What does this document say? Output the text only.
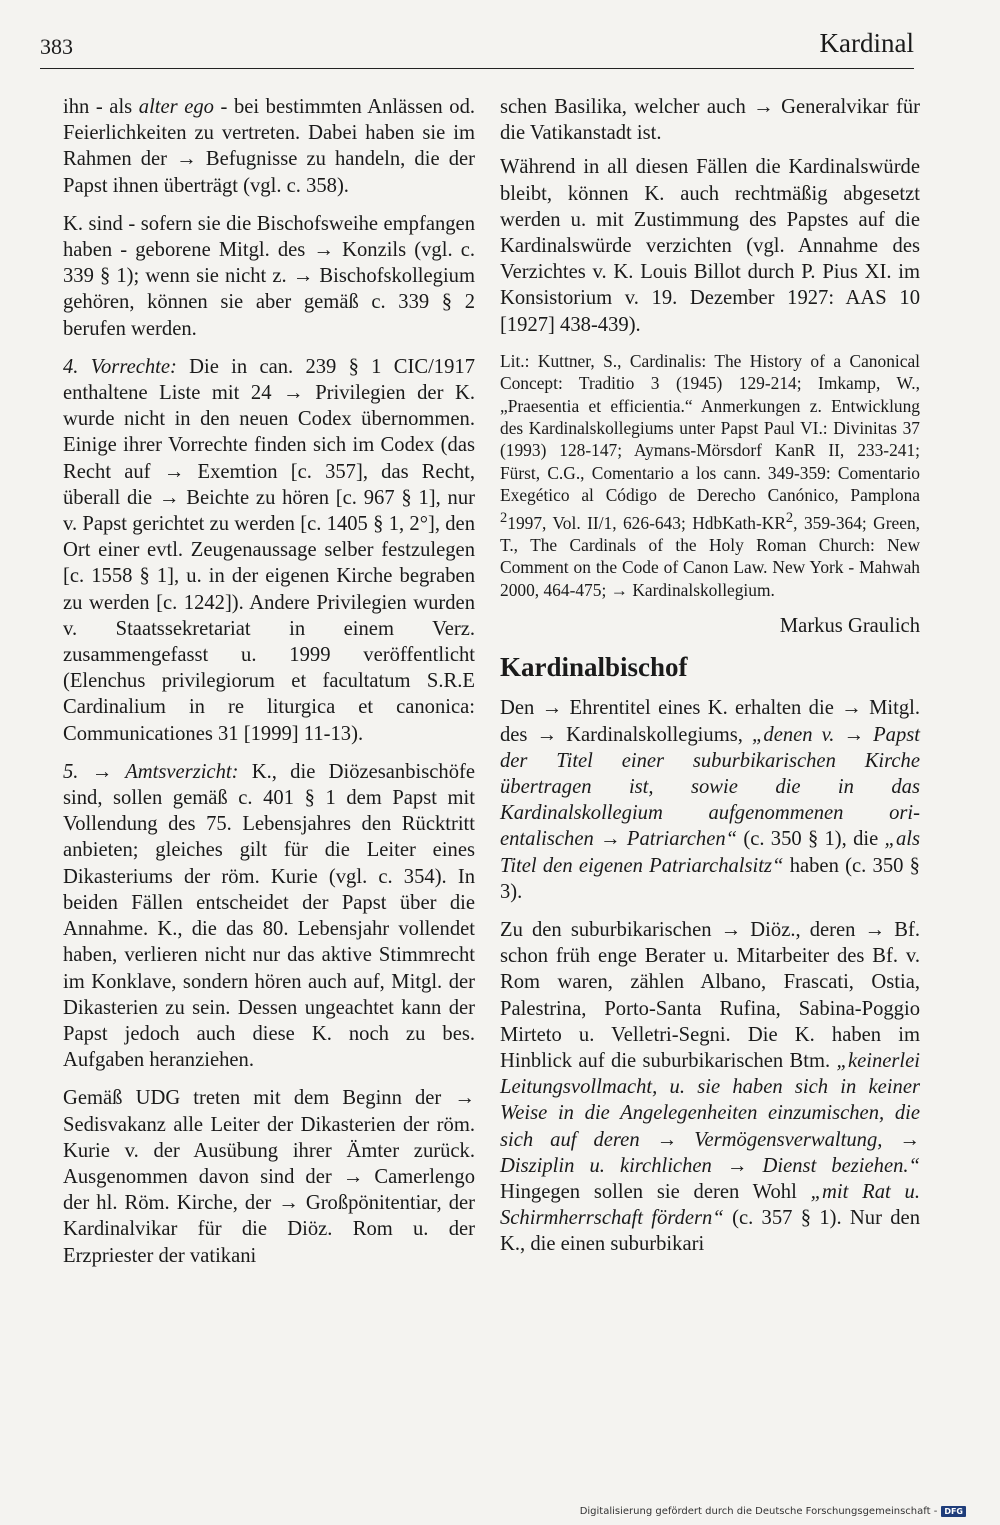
383	Kardinal

ihn - als alter ego - bei bestimmten Anlässen od. Feierlichkeiten zu vertreten. Dabei haben sie im Rahmen der → Befugnisse zu handeln, die der Papst ihnen überträgt (vgl. c. 358).

K. sind - sofern sie die Bischofsweihe empfangen haben - geborene Mitgl. des → Konzils (vgl. c. 339 § 1); wenn sie nicht z. → Bischofskollegium gehören, können sie aber gemäß c. 339 § 2 berufen werden.

4. Vorrechte: Die in can. 239 § 1 CIC/1917 enthaltene Liste mit 24 → Privilegien der K. wurde nicht in den neuen Codex übernommen. Einige ihrer Vorrechte finden sich im Codex (das Recht auf → Exemtion [c. 357], das Recht, überall die → Beichte zu hören [c. 967 § 1], nur v. Papst gerichtet zu werden [c. 1405 § 1, 2°], den Ort einer evtl. Zeugenaussage selber festzulegen [c. 1558 § 1], u. in der eigenen Kirche begraben zu werden [c. 1242]). Andere Privilegien wurden v. Staatssekretariat in einem Verz. zusammengefasst u. 1999 veröffentlicht (Elenchus privilegiorum et facultatum S.R.E Cardinalium in re liturgica et canonica: Communicationes 31 [1999] 11-13).

5. → Amtsverzicht: K., die Diözesanbischöfe sind, sollen gemäß c. 401 § 1 dem Papst mit Vollendung des 75. Lebensjahres den Rücktritt anbieten; gleiches gilt für die Leiter eines Dikasteriums der röm. Kurie (vgl. c. 354). In beiden Fällen entscheidet der Papst über die Annahme. K., die das 80. Lebensjahr vollendet haben, verlieren nicht nur das aktive Stimmrecht im Konklave, sondern hören auch auf, Mitgl. der Dikasterien zu sein. Dessen ungeachtet kann der Papst jedoch auch diese K. noch zu bes. Aufgaben heranziehen.

Gemäß UDG treten mit dem Beginn der → Sedisvakanz alle Leiter der Dikasterien der röm. Kurie v. der Ausübung ihrer Ämter zurück. Ausgenommen davon sind der → Camerlengo der hl. Röm. Kirche, der → Großpönitentiar, der Kardinalvikar für die Diöz. Rom u. der Erzpriester der vatikani

schen Basilika, welcher auch → Generalvikar für die Vatikanstadt ist.

Während in all diesen Fällen die Kardinalswürde bleibt, können K. auch rechtmäßig abgesetzt werden u. mit Zustimmung des Papstes auf die Kardinalswürde verzichten (vgl. Annahme des Verzichtes v. K. Louis Billot durch P. Pius XI. im Konsistorium v. 19. Dezember 1927: AAS 10 [1927] 438-439).

Lit.: Kuttner, S., Cardinalis: The History of a Canonical Concept: Traditio 3 (1945) 129-214; Imkamp, W., „Praesentia et efficientia.“ Anmerkungen z. Entwicklung des Kardinalskollegiums unter Papst Paul VI.: Divinitas 37 (1993) 128-147; Aymans-Mörsdorf KanR II, 233-241; Fürst, C.G., Comentario a los cann. 349-359: Comentario Exegético al Código de Derecho Canónico, Pamplona $^2$1997, Vol. II/1, 626-643; HdbKath-$KR^2$, 359-364; Green, T., The Cardinals of the Holy Roman Church: New Comment on the Code of Canon Law. New York - Mahwah 2000, 464-475; → Kardinalskollegium.

Markus Graulich

Kardinalbischof

Den → Ehrentitel eines K. erhalten die → Mitgl. des → Kardinalskollegiums, „denen v. → Papst der Titel einer suburbikarischen Kirche übertragen ist, sowie die in das Kardinalskollegium aufgenommenen orientalischen → Patriarchen“ (c. 350 § 1), die „als Titel den eigenen Patriarchalsitz“ haben (c. 350 § 3).

Zu den suburbikarischen → Diöz., deren → Bf. schon früh enge Berater u. Mitarbeiter des Bf. v. Rom waren, zählen Albano, Frascati, Ostia, Palestrina, Porto-Santa Rufina, Sabina-Poggio Mirteto u. Velletri-Segni. Die K. haben im Hinblick auf die suburbikarischen Btm. „keinerlei Leitungsvollmacht, u. sie haben sich in keiner Weise in die Angelegenheiten einzumischen, die sich auf deren → Vermögensverwaltung, → Disziplin u. kirchlichen → Dienst beziehen.“ Hingegen sollen sie deren Wohl „mit Rat u. Schirmherrschaft fördern“ (c. 357 § 1). Nur den K., die einen suburbikari

Digitalisierung gefördert durch die Deutsche Forschungsgemeinschaft - DFG
